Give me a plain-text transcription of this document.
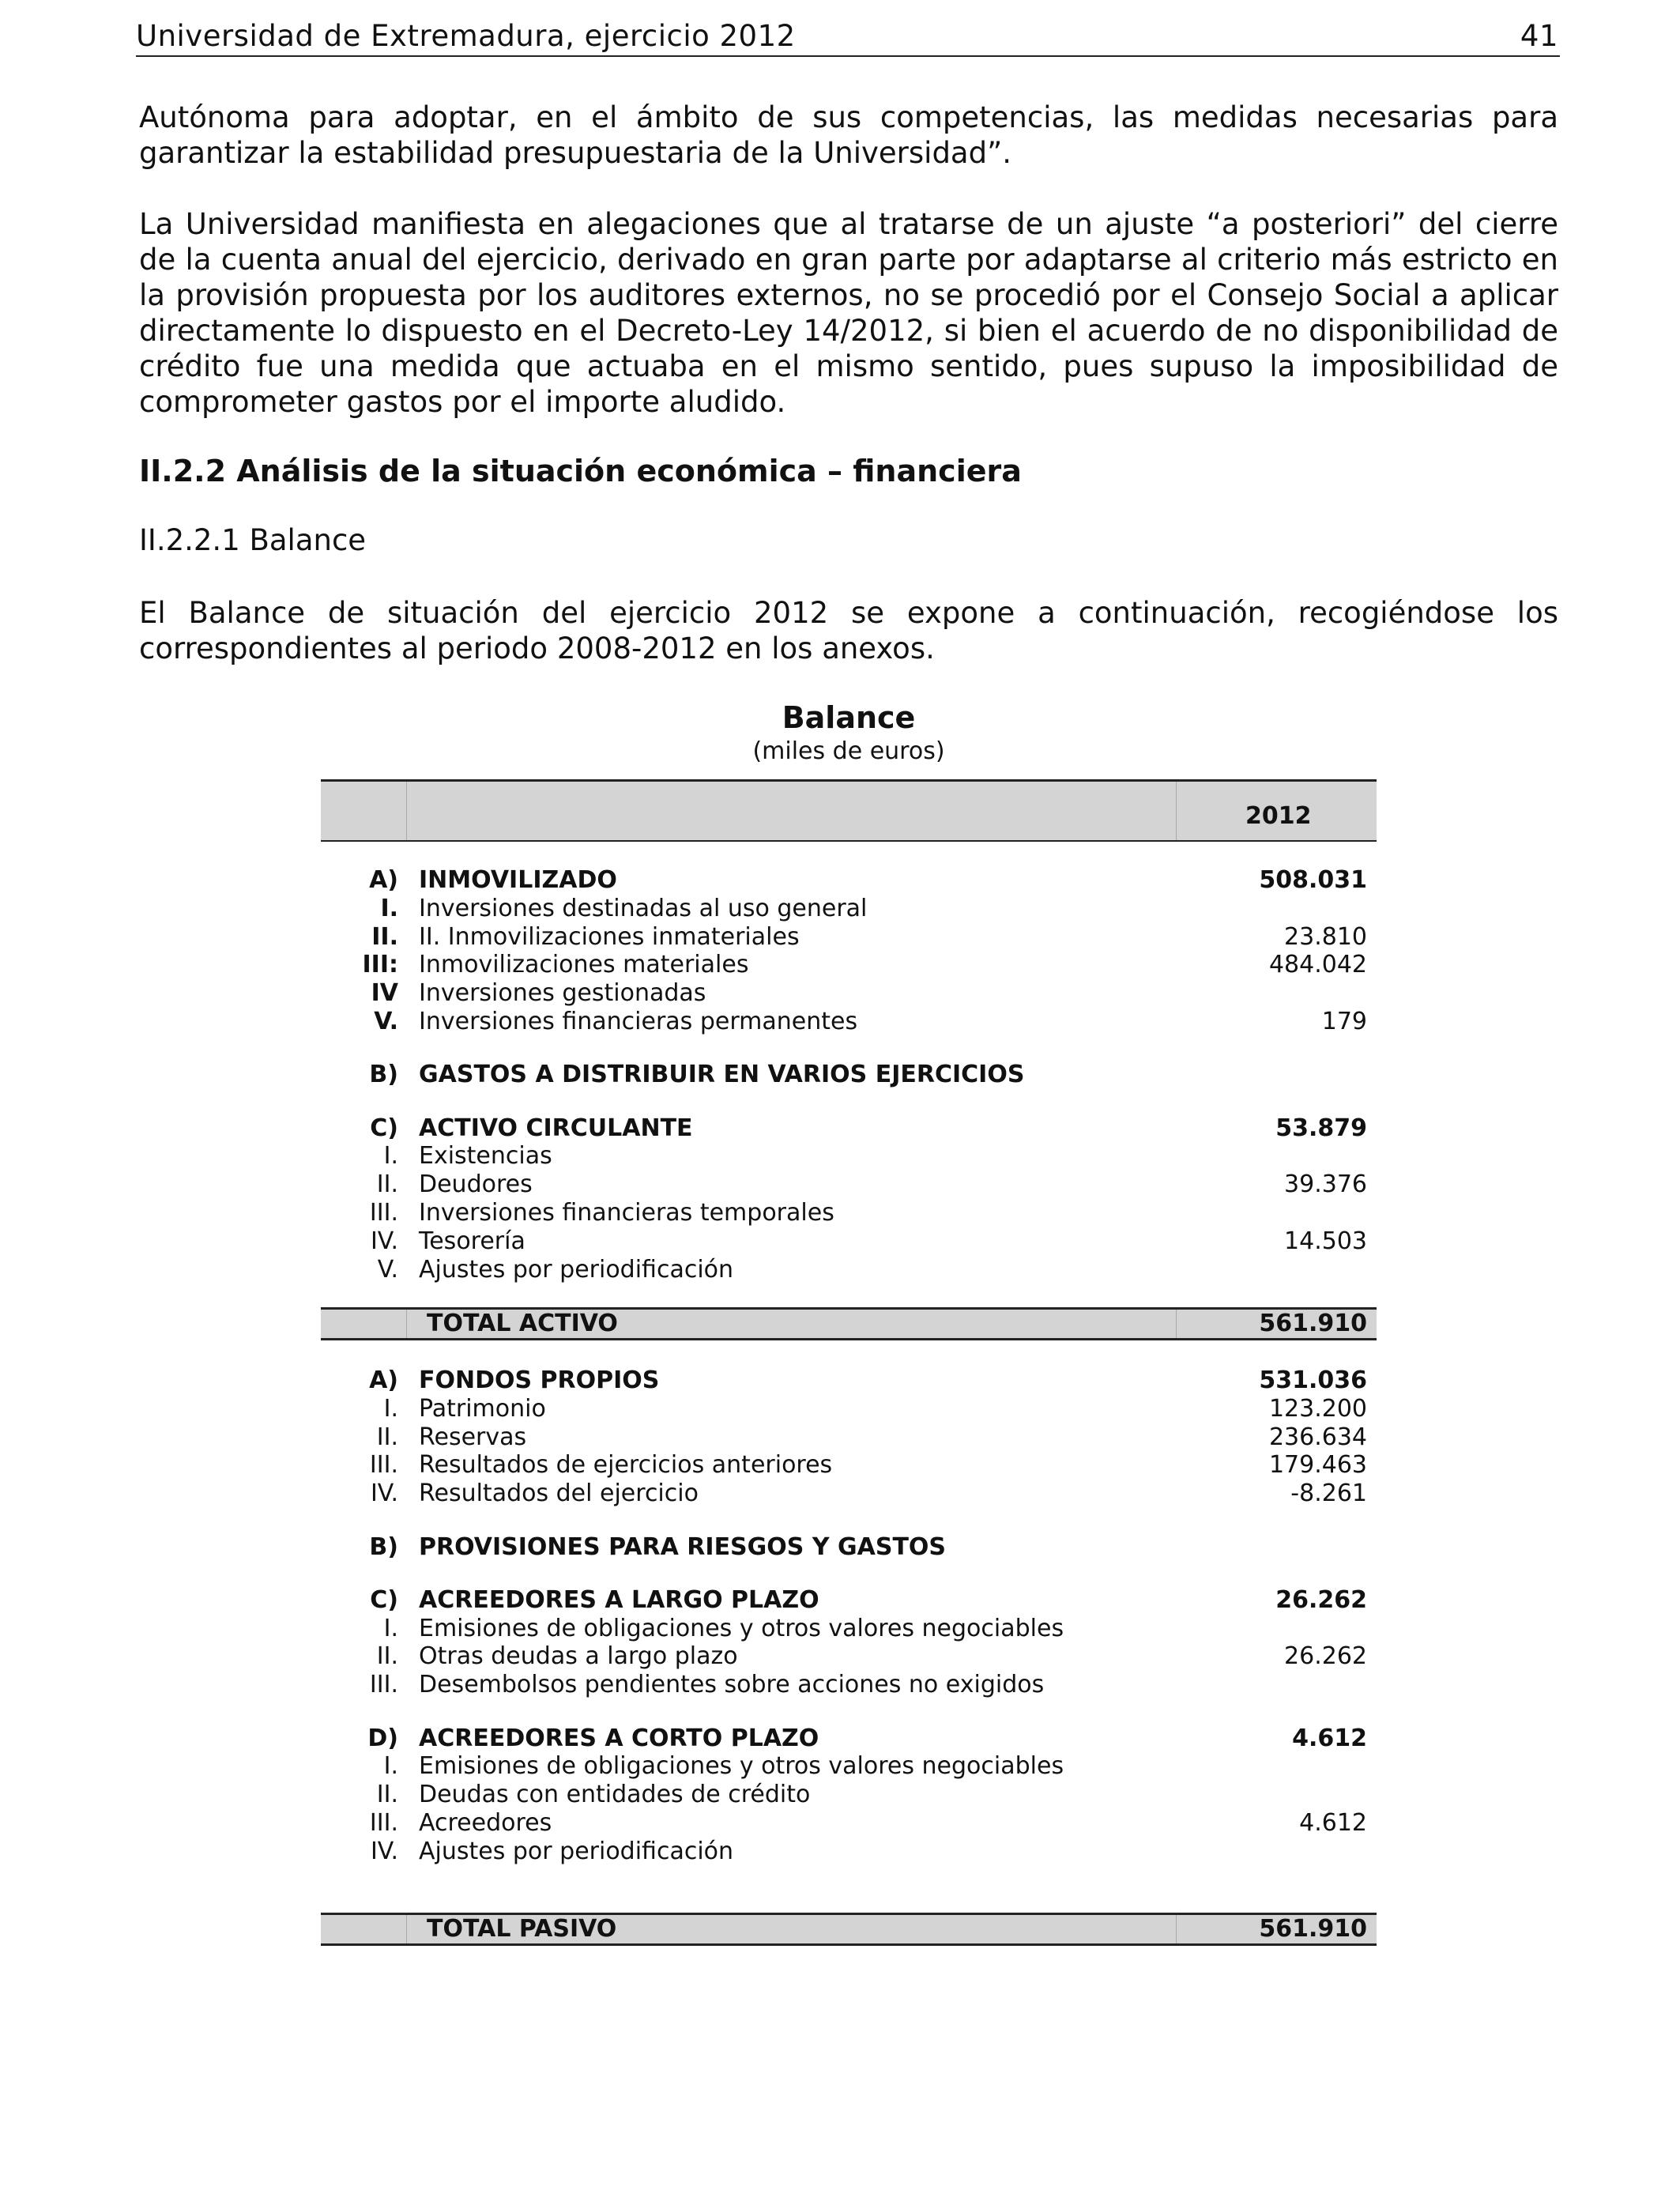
Universidad de Extremadura, ejercicio 2012	41

Autónoma para adoptar, en el ámbito de sus competencias, las medidas necesarias para garantizar la estabilidad presupuestaria de la Universidad”.

La Universidad manifiesta en alegaciones que al tratarse de un ajuste “a posteriori” del cierre de la cuenta anual del ejercicio, derivado en gran parte por adaptarse al criterio más estricto en la provisión propuesta por los auditores externos, no se procedió por el Consejo Social a aplicar directamente lo dispuesto en el Decreto-Ley 14/2012, si bien el acuerdo de no disponibilidad de crédito fue una medida que actuaba en el mismo sentido, pues supuso la imposibilidad de comprometer gastos por el importe aludido.

II.2.2 Análisis de la situación económica – financiera

II.2.2.1 Balance

El Balance de situación del ejercicio 2012 se expone a continuación, recogiéndose los correspondientes al periodo 2008-2012 en los anexos.

Balance
(miles de euros)
2012
A) INMOVILIZADO	508.031
I. Inversiones destinadas al uso general
II. II. Inmovilizaciones inmateriales	23.810
III: Inmovilizaciones materiales	484.042
IV Inversiones gestionadas
V. Inversiones financieras permanentes	179
B) GASTOS A DISTRIBUIR EN VARIOS EJERCICIOS
C) ACTIVO CIRCULANTE	53.879
I. Existencias
II. Deudores	39.376
III. Inversiones financieras temporales
IV. Tesorería	14.503
V. Ajustes por periodificación
TOTAL ACTIVO	561.910
A) FONDOS PROPIOS	531.036
I. Patrimonio	123.200
II. Reservas	236.634
III. Resultados de ejercicios anteriores	179.463
IV. Resultados del ejercicio	-8.261
B) PROVISIONES PARA RIESGOS Y GASTOS
C) ACREEDORES A LARGO PLAZO	26.262
I. Emisiones de obligaciones y otros valores negociables
II. Otras deudas a largo plazo	26.262
III. Desembolsos pendientes sobre acciones no exigidos
D) ACREEDORES A CORTO PLAZO	4.612
I. Emisiones de obligaciones y otros valores negociables
II. Deudas con entidades de crédito
III. Acreedores	4.612
IV. Ajustes por periodificación
TOTAL PASIVO	561.910
